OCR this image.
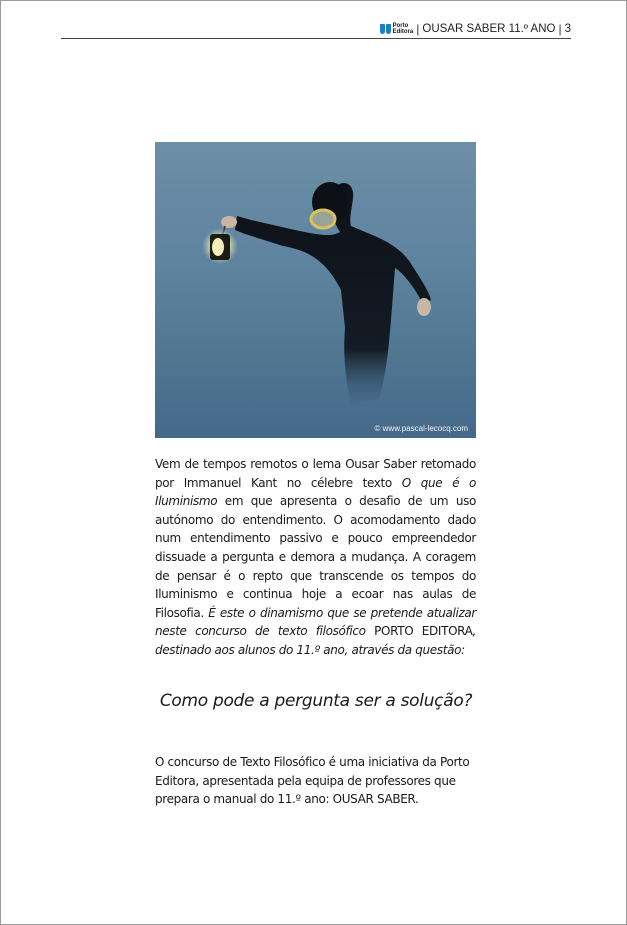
Porto
Editora | OUSAR SABER 11.º ANO | 3
© www.pascal-lecocq.com
Vem de tempos remotos o lema Ousar Saber retomado por Immanuel Kant no célebre texto O que é o Iluminismo em que apresenta o desafio de um uso autónomo do entendimento. O acomodamento dado num entendimento passivo e pouco empreendedor dissuade a pergunta e demora a mudança. A coragem de pensar é o repto que transcende os tempos do Iluminismo e continua hoje a ecoar nas aulas de Filosofia. É este o dinamismo que se pretende atualizar neste concurso de texto filosófico PORTO EDITORA, destinado aos alunos do 11.º ano, através da questão:
Como pode a pergunta ser a solução?
O concurso de Texto Filosófico é uma iniciativa da Porto Editora, apresentada pela equipa de professores que prepara o manual do 11.º ano: OUSAR SABER.
